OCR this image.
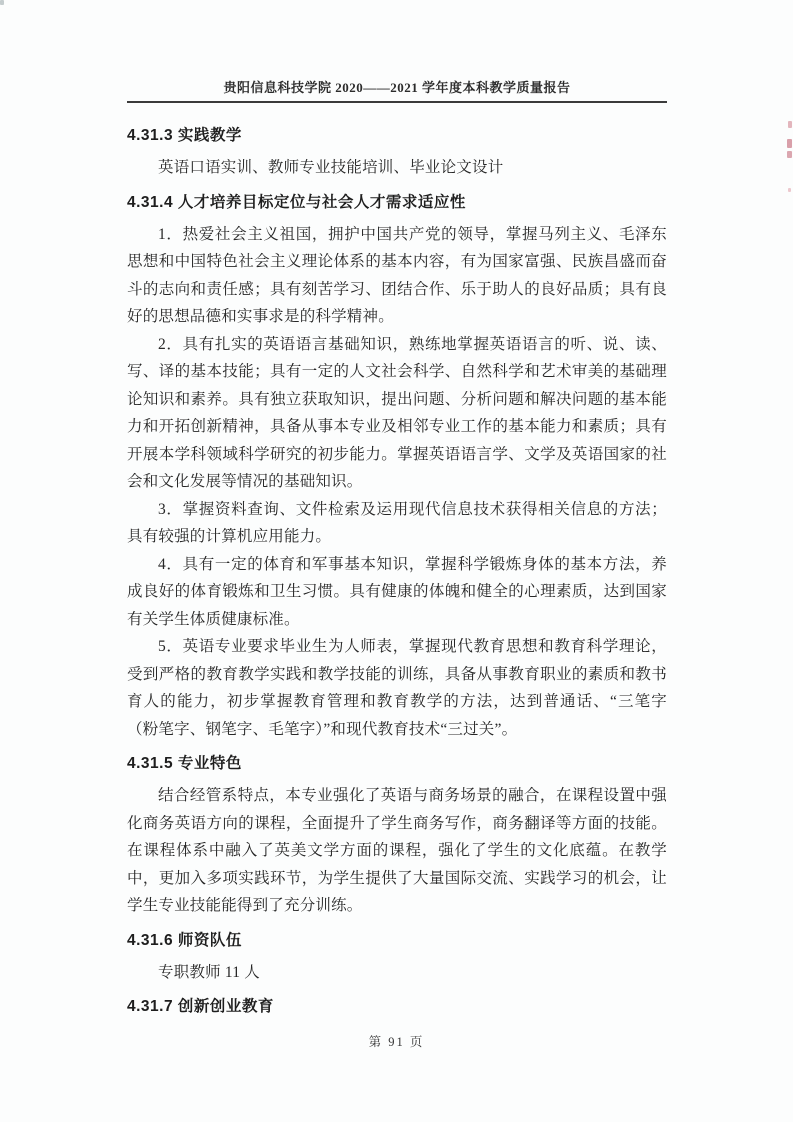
贵阳信息科技学院 2020——2021 学年度本科教学质量报告
4.31.3 实践教学

英语口语实训、教师专业技能培训、毕业论文设计

4.31.4 人才培养目标定位与社会人才需求适应性

1．热爱社会主义祖国，拥护中国共产党的领导，掌握马列主义、毛泽东思想和中国特色社会主义理论体系的基本内容，有为国家富强、民族昌盛而奋斗的志向和责任感；具有刻苦学习、团结合作、乐于助人的良好品质；具有良好的思想品德和实事求是的科学精神。

2．具有扎实的英语语言基础知识，熟练地掌握英语语言的听、说、读、写、译的基本技能；具有一定的人文社会科学、自然科学和艺术审美的基础理论知识和素养。具有独立获取知识，提出问题、分析问题和解决问题的基本能力和开拓创新精神，具备从事本专业及相邻专业工作的基本能力和素质；具有开展本学科领域科学研究的初步能力。掌握英语语言学、文学及英语国家的社会和文化发展等情况的基础知识。

3．掌握资料查询、文件检索及运用现代信息技术获得相关信息的方法；具有较强的计算机应用能力。

4．具有一定的体育和军事基本知识，掌握科学锻炼身体的基本方法，养成良好的体育锻炼和卫生习惯。具有健康的体魄和健全的心理素质，达到国家有关学生体质健康标准。

5．英语专业要求毕业生为人师表，掌握现代教育思想和教育科学理论，受到严格的教育教学实践和教学技能的训练，具备从事教育职业的素质和教书育人的能力，初步掌握教育管理和教育教学的方法，达到普通话、“三笔字（粉笔字、钢笔字、毛笔字）”和现代教育技术“三过关”。

4.31.5 专业特色

结合经管系特点，本专业强化了英语与商务场景的融合，在课程设置中强化商务英语方向的课程，全面提升了学生商务写作，商务翻译等方面的技能。在课程体系中融入了英美文学方面的课程，强化了学生的文化底蕴。在教学中，更加入多项实践环节，为学生提供了大量国际交流、实践学习的机会，让学生专业技能能得到了充分训练。

4.31.6 师资队伍

专职教师 11 人

4.31.7 创新创业教育
第 91 页
